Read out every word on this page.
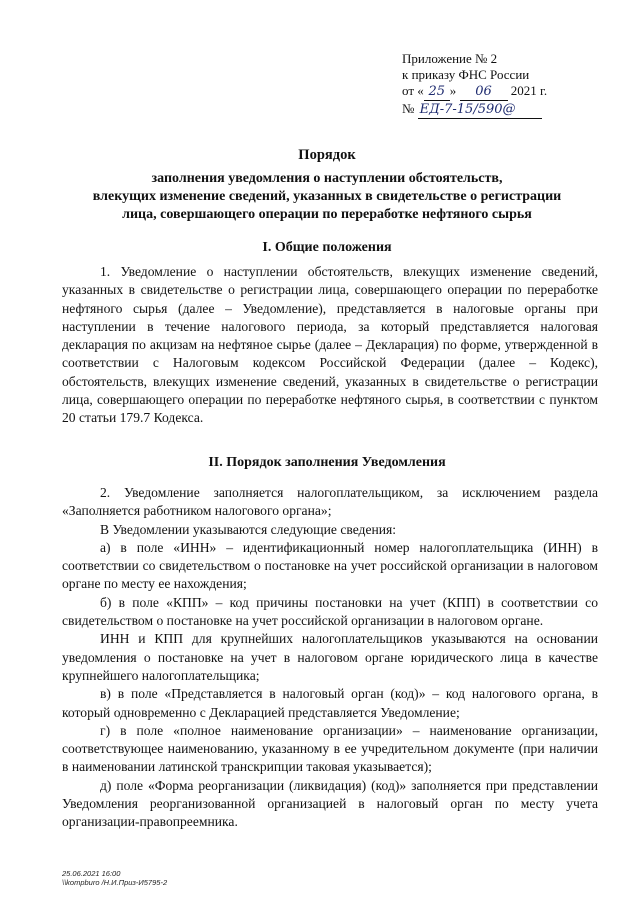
Приложение № 2
к приказу ФНС России
от « 25 » 06 2021 г.
№ ЕД-7-15/590@
Порядок
заполнения уведомления о наступлении обстоятельств,
влекущих изменение сведений, указанных в свидетельстве о регистрации
лица, совершающего операции по переработке нефтяного сырья
I. Общие положения

1. Уведомление о наступлении обстоятельств, влекущих изменение сведений, указанных в свидетельстве о регистрации лица, совершающего операции по переработке нефтяного сырья (далее – Уведомление), представляется в налоговые органы при наступлении в течение налогового периода, за который представляется налоговая декларация по акцизам на нефтяное сырье (далее – Декларация) по форме, утвержденной в соответствии с Налоговым кодексом Российской Федерации (далее – Кодекс), обстоятельств, влекущих изменение сведений, указанных в свидетельстве о регистрации лица, совершающего операции по переработке нефтяного сырья, в соответствии с пунктом 20 статьи 179.7 Кодекса.

II. Порядок заполнения Уведомления

2. Уведомление заполняется налогоплательщиком, за исключением раздела «Заполняется работником налогового органа»;

В Уведомлении указываются следующие сведения:

а) в поле «ИНН» – идентификационный номер налогоплательщика (ИНН) в соответствии со свидетельством о постановке на учет российской организации в налоговом органе по месту ее нахождения;

б) в поле «КПП» – код причины постановки на учет (КПП) в соответствии со свидетельством о постановке на учет российской организации в налоговом органе.

ИНН и КПП для крупнейших налогоплательщиков указываются на основании уведомления о постановке на учет в налоговом органе юридического лица в качестве крупнейшего налогоплательщика;

в) в поле «Представляется в налоговый орган (код)» – код налогового органа, в который одновременно с Декларацией представляется Уведомление;

г) в поле «полное наименование организации» – наименование организации, соответствующее наименованию, указанному в ее учредительном документе (при наличии в наименовании латинской транскрипции таковая указывается);

д) поле «Форма реорганизации (ликвидация) (код)» заполняется при представлении Уведомления реорганизованной организацией в налоговый орган по месту учета организации-правопреемника.

25.06.2021 16:00
\\kompburo /Н.И.Приз-И5795-2
